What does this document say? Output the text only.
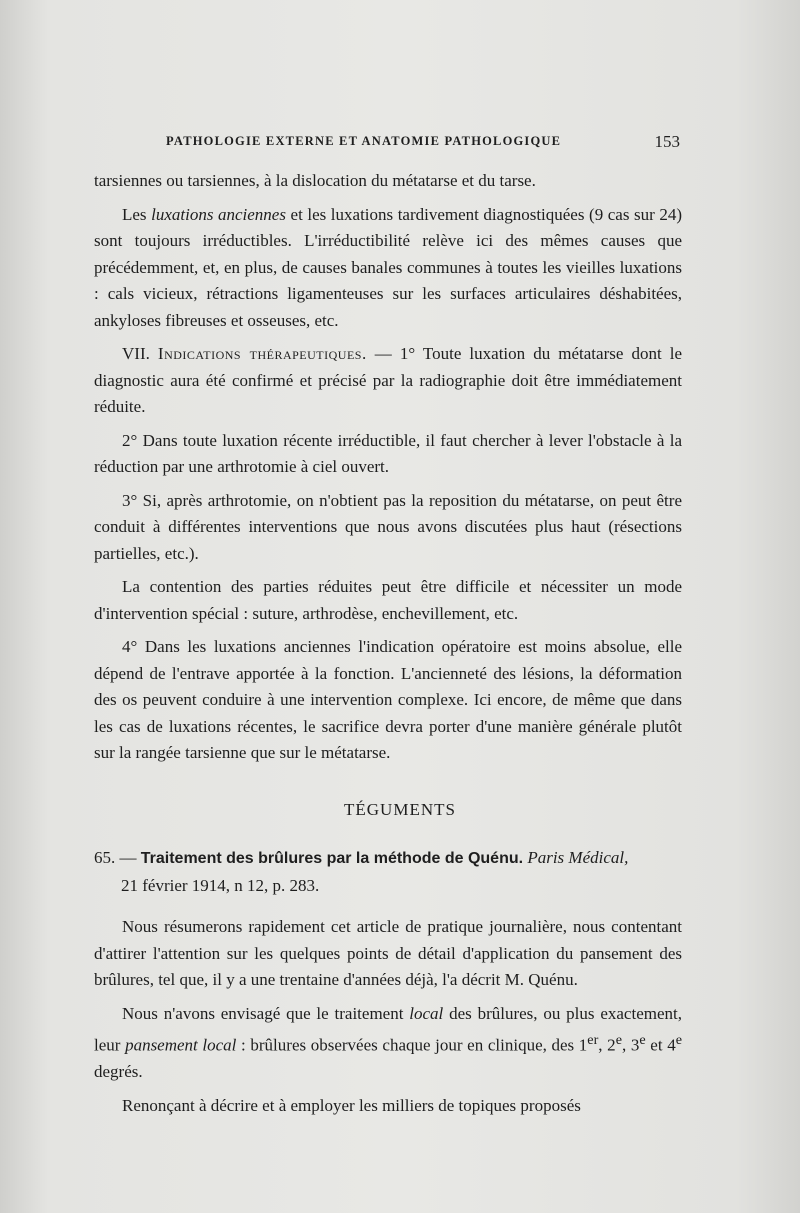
PATHOLOGIE EXTERNE ET ANATOMIE PATHOLOGIQUE	153

tarsiennes ou tarsiennes, à la dislocation du métatarse et du tarse.

Les luxations anciennes et les luxations tardivement diagnostiquées (9 cas sur 24) sont toujours irréductibles. L'irréductibilité relève ici des mêmes causes que précédemment, et, en plus, de causes banales communes à toutes les vieilles luxations : cals vicieux, rétractions ligamenteuses sur les surfaces articulaires déshabitées, ankyloses fibreuses et osseuses, etc.

VII. Indications thérapeutiques. — 1° Toute luxation du métatarse dont le diagnostic aura été confirmé et précisé par la radiographie doit être immédiatement réduite.

2° Dans toute luxation récente irréductible, il faut chercher à lever l'obstacle à la réduction par une arthrotomie à ciel ouvert.

3° Si, après arthrotomie, on n'obtient pas la reposition du métatarse, on peut être conduit à différentes interventions que nous avons discutées plus haut (résections partielles, etc.).

La contention des parties réduites peut être difficile et nécessiter un mode d'intervention spécial : suture, arthrodèse, enchevillement, etc.

4° Dans les luxations anciennes l'indication opératoire est moins absolue, elle dépend de l'entrave apportée à la fonction. L'ancienneté des lésions, la déformation des os peuvent conduire à une intervention complexe. Ici encore, de même que dans les cas de luxations récentes, le sacrifice devra porter d'une manière générale plutôt sur la rangée tarsienne que sur le métatarse.

TÉGUMENTS
65. — Traitement des brûlures par la méthode de Quénu. Paris Médical,
21 février 1914, n 12, p. 283.

Nous résumerons rapidement cet article de pratique journalière, nous contentant d'attirer l'attention sur les quelques points de détail d'application du pansement des brûlures, tel que, il y a une trentaine d'années déjà, l'a décrit M. Quénu.

Nous n'avons envisagé que le traitement local des brûlures, ou plus exactement, leur pansement local : brûlures observées chaque jour en clinique, des 1er, 2e, 3e et 4e degrés.

Renonçant à décrire et à employer les milliers de topiques proposés
